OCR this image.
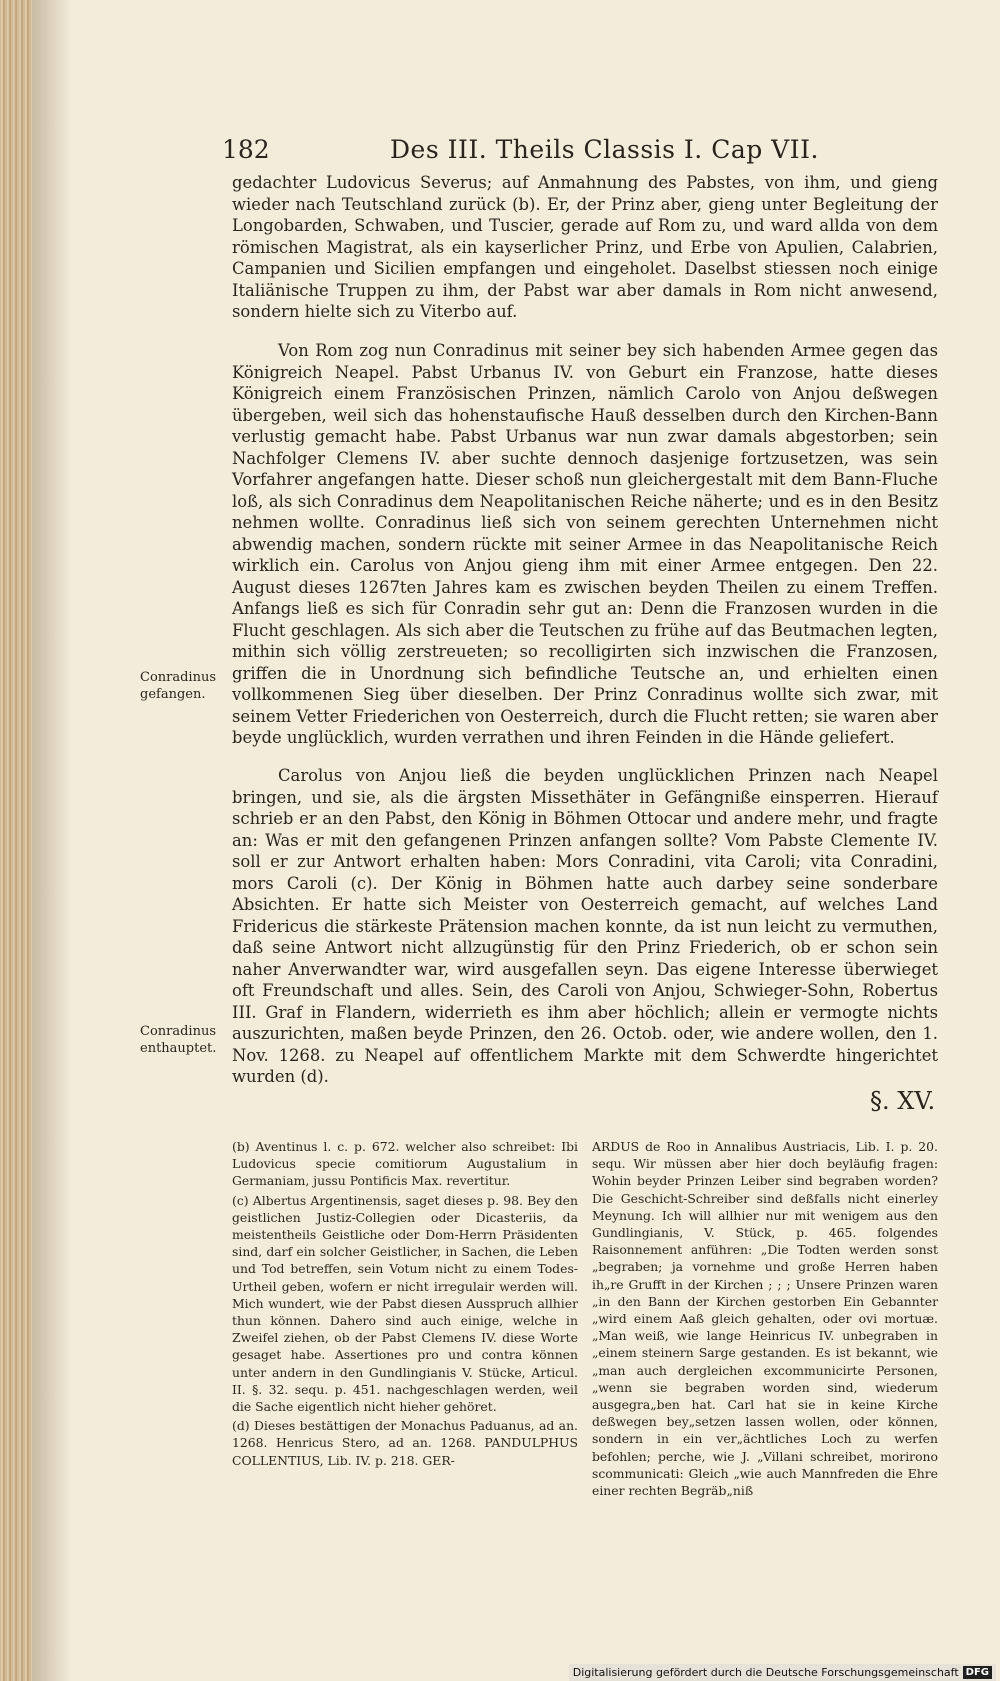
182	Des III. Theils Classis I. Cap VII.

gedachter Ludovicus Severus; auf Anmahnung des Pabstes, von ihm, und gieng wieder nach Teutschland zurück (b). Er, der Prinz aber, gieng unter Begleitung der Longobarden, Schwaben, und Tuscier, gerade auf Rom zu, und ward allda von dem römischen Magistrat, als ein kayserlicher Prinz, und Erbe von Apulien, Calabrien, Campanien und Sicilien empfangen und eingeholet. Daselbst stiessen noch einige Italiänische Truppen zu ihm, der Pabst war aber damals in Rom nicht anwesend, sondern hielte sich zu Viterbo auf.

Von Rom zog nun Conradinus mit seiner bey sich habenden Armee gegen das Königreich Neapel. Pabst Urbanus IV. von Geburt ein Franzose, hatte dieses Königreich einem Französischen Prinzen, nämlich Carolo von Anjou deßwegen übergeben, weil sich das hohenstaufische Hauß desselben durch den Kirchen-Bann verlustig gemacht habe. Pabst Urbanus war nun zwar damals abgestorben; sein Nachfolger Clemens IV. aber suchte dennoch dasjenige fortzusetzen, was sein Vorfahrer angefangen hatte. Dieser schoß nun gleichergestalt mit dem Bann-Fluche loß, als sich Conradinus dem Neapolitanischen Reiche näherte; und es in den Besitz nehmen wollte. Conradinus ließ sich von seinem gerechten Unternehmen nicht abwendig machen, sondern rückte mit seiner Armee in das Neapolitanische Reich wirklich ein. Carolus von Anjou gieng ihm mit einer Armee entgegen. Den 22. August dieses 1267ten Jahres kam es zwischen beyden Theilen zu einem Treffen. Anfangs ließ es sich für Conradin sehr gut an: Denn die Franzosen wurden in die Flucht geschlagen. Als sich aber die Teutschen zu frühe auf das Beutmachen legten, mithin sich völlig zerstreueten; so recolligirten sich inzwischen die Franzosen, griffen die in Unordnung sich befindliche Teutsche an, und erhielten einen vollkommenen Sieg über dieselben. Der Prinz Conradinus wollte sich zwar, mit seinem Vetter Friederichen von Oesterreich, durch die Flucht retten; sie waren aber beyde unglücklich, wurden verrathen und ihren Feinden in die Hände geliefert.

Carolus von Anjou ließ die beyden unglücklichen Prinzen nach Neapel bringen, und sie, als die ärgsten Missethäter in Gefängniße einsperren. Hierauf schrieb er an den Pabst, den König in Böhmen Ottocar und andere mehr, und fragte an: Was er mit den gefangenen Prinzen anfangen sollte? Vom Pabste Clemente IV. soll er zur Antwort erhalten haben: Mors Conradini, vita Caroli; vita Conradini, mors Caroli (c). Der König in Böhmen hatte auch darbey seine sonderbare Absichten. Er hatte sich Meister von Oesterreich gemacht, auf welches Land Fridericus die stärkeste Prätension machen konnte, da ist nun leicht zu vermuthen, daß seine Antwort nicht allzugünstig für den Prinz Friederich, ob er schon sein naher Anverwandter war, wird ausgefallen seyn. Das eigene Interesse überwieget oft Freundschaft und alles. Sein, des Caroli von Anjou, Schwieger-Sohn, Robertus III. Graf in Flandern, widerrieth es ihm aber höchlich; allein er vermogte nichts auszurichten, maßen beyde Prinzen, den 26. Octob. oder, wie andere wollen, den 1. Nov. 1268. zu Neapel auf offentlichem Markte mit dem Schwerdte hingerichtet wurden (d).

Conradinus gefangen.
Conradinus enthauptet.
§. XV.

(b) Aventinus l. c. p. 672. welcher also schreibet: Ibi Ludovicus specie comitiorum Augustalium in Germaniam, jussu Pontificis Max. revertitur.

(c) Albertus Argentinensis, saget dieses p. 98. Bey den geistlichen Justiz-Collegien oder Dicasteriis, da meistentheils Geistliche oder Dom-Herrn Präsidenten sind, darf ein solcher Geistlicher, in Sachen, die Leben und Tod betreffen, sein Votum nicht zu einem Todes-Urtheil geben, wofern er nicht irregulair werden will. Mich wundert, wie der Pabst diesen Ausspruch allhier thun können. Dahero sind auch einige, welche in Zweifel ziehen, ob der Pabst Clemens IV. diese Worte gesaget habe. Assertiones pro und contra können unter andern in den Gundlingianis V. Stücke, Articul. II. §. 32. sequ. p. 451. nachgeschlagen werden, weil die Sache eigentlich nicht hieher gehöret.

(d) Dieses bestättigen der Monachus Paduanus, ad an. 1268. Henricus Stero, ad an. 1268. PANDULPHUS COLLENTIUS, Lib. IV. p. 218. GER-

ARDUS de Roo in Annalibus Austriacis, Lib. I. p. 20. sequ. Wir müssen aber hier doch beyläufig fragen: Wohin beyder Prinzen Leiber sind begraben worden? Die Geschicht-Schreiber sind deßfalls nicht einerley Meynung. Ich will allhier nur mit wenigem aus den Gundlingianis, V. Stück, p. 465. folgendes Raisonnement anführen: „Die Todten werden sonst „begraben; ja vornehme und große Herren haben ih„re Grufft in der Kirchen ; ; ; Unsere Prinzen waren „in den Bann der Kirchen gestorben Ein Gebannter „wird einem Aaß gleich gehalten, oder ovi mortuæ. „Man weiß, wie lange Heinricus IV. unbegraben in „einem steinern Sarge gestanden. Es ist bekannt, wie „man auch dergleichen excommunicirte Personen, „wenn sie begraben worden sind, wiederum ausgegra„ben hat. Carl hat sie in keine Kirche deßwegen bey„setzen lassen wollen, oder können, sondern in ein ver„ächtliches Loch zu werfen befohlen; perche, wie J. „Villani schreibet, morirono scommunicati: Gleich „wie auch Mannfreden die Ehre einer rechten Begräb„niß

Digitalisierung gefördert durch die Deutsche Forschungsgemeinschaft DFG
